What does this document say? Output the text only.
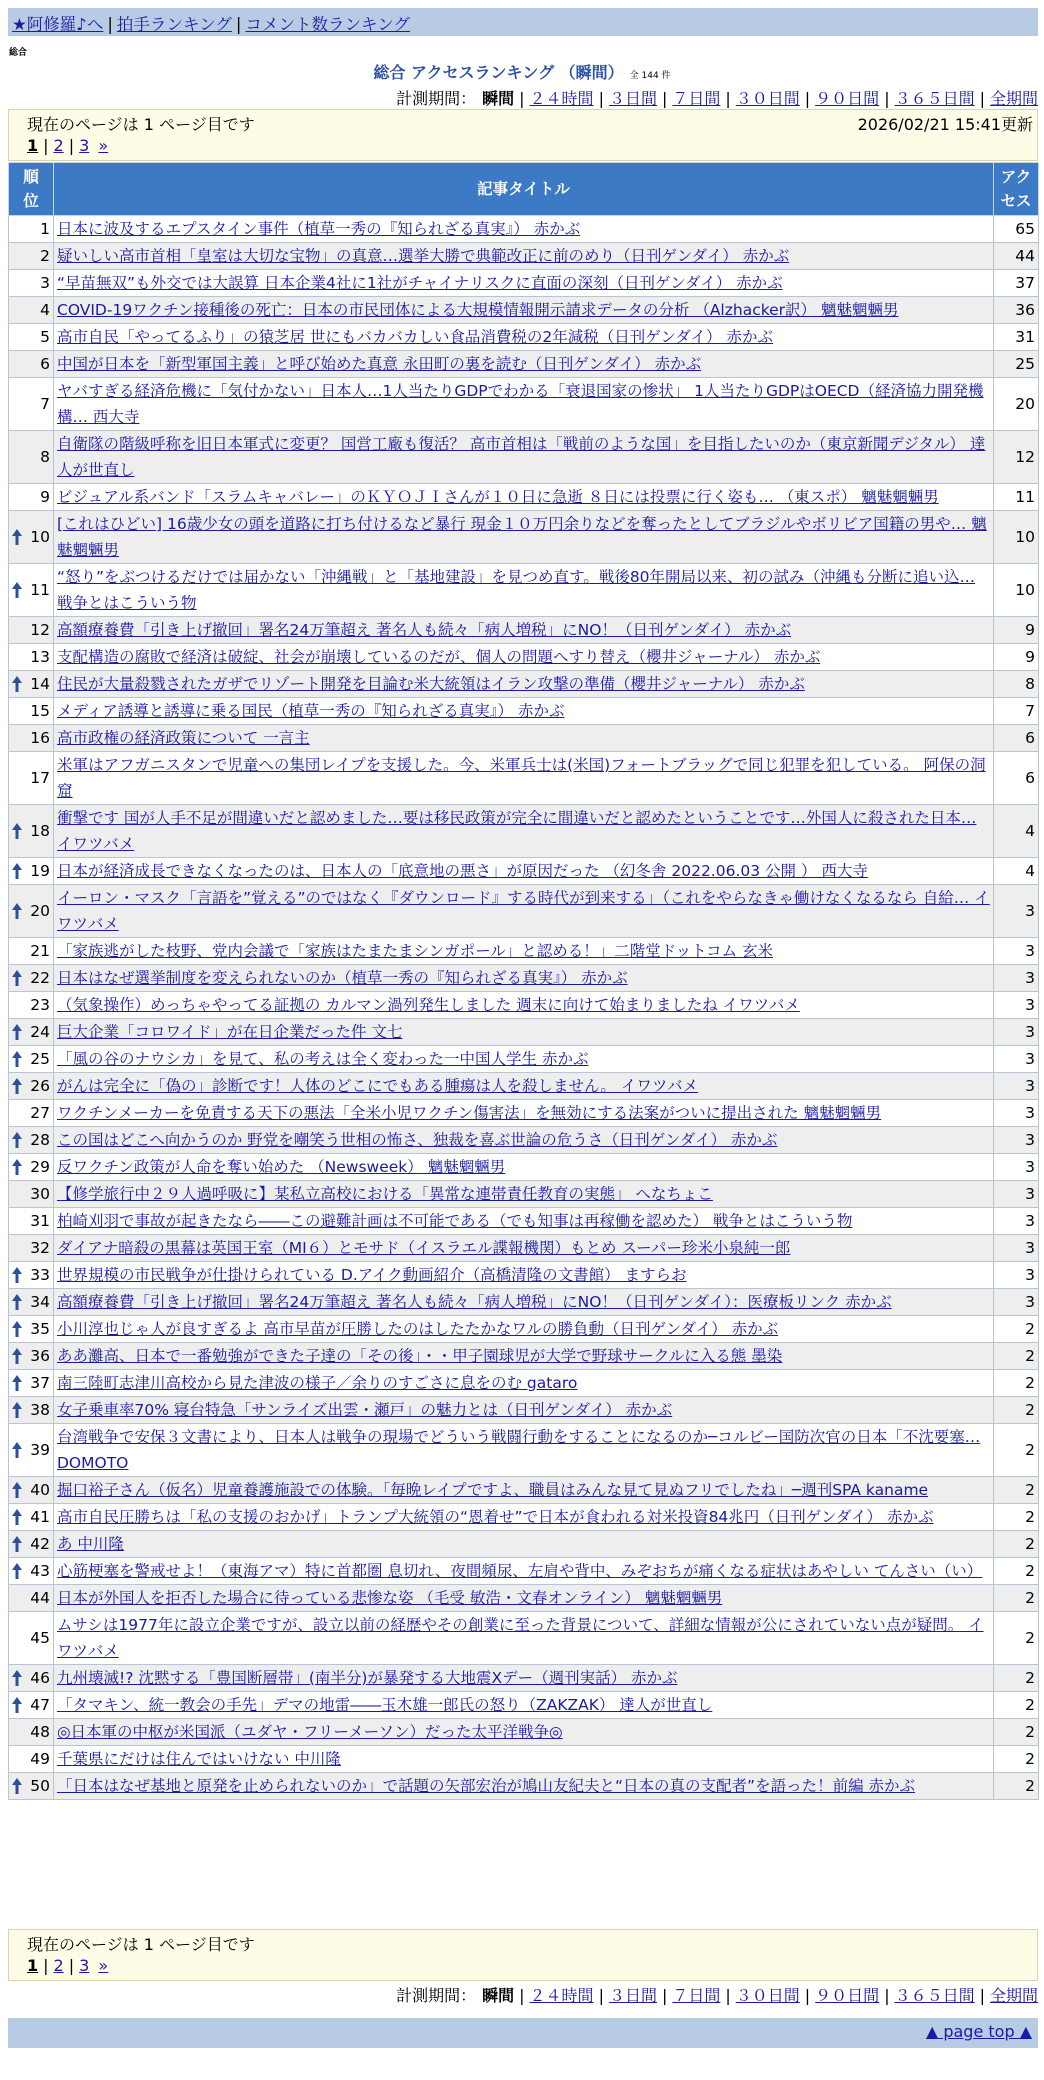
★阿修羅♪へ | 拍手ランキング | コメント数ランキング
総合
総合 アクセスランキング （瞬間） 全 144 件
計測期間： 瞬間 | ２４時間 | ３日間 | ７日間 | ３０日間 | ９０日間 | ３６５日間 | 全期間
現在のページは 1 ページ目です	2026/02/21 15:41更新
1 | 2 | 3 »
順位	記事タイトル	アクセス
1	日本に波及するエプスタイン事件（植草一秀の『知られざる真実』） 赤かぶ	65
2	疑いしい高市首相「皇室は大切な宝物」の真意…選挙大勝で典範改正に前のめり（日刊ゲンダイ） 赤かぶ	44
3	“早苗無双”も外交では大誤算 日本企業4社に1社がチャイナリスクに直面の深刻（日刊ゲンダイ） 赤かぶ	37
4	COVID-19ワクチン接種後の死亡：日本の市民団体による大規模情報開示請求データの分析 （Alzhacker訳） 魑魅魍魎男	36
5	高市自民「やってるふり」の猿芝居 世にもバカバカしい食品消費税の2年減税（日刊ゲンダイ） 赤かぶ	31
6	中国が日本を「新型軍国主義」と呼び始めた真意 永田町の裏を読む（日刊ゲンダイ） 赤かぶ	25
7	ヤバすぎる経済危機に「気付かない」日本人…1人当たりGDPでわかる「衰退国家の惨状」 1人当たりGDPはOECD（経済協力開発機構… 西大寺	20
8	自衛隊の階級呼称を旧日本軍式に変更？ 国営工廠も復活？ 高市首相は「戦前のような国」を目指したいのか（東京新聞デジタル） 達人が世直し	12
9	ビジュアル系バンド「スラムキャバレー」のＫＹＯＪＩさんが１０日に急逝 ８日には投票に行く姿も… （東スポ） 魑魅魍魎男	11

10	[これはひどい] 16歳少女の頭を道路に打ち付けるなど暴行 現金１０万円余りなどを奪ったとしてブラジルやボリビア国籍の男や… 魑魅魍魎男	10

11	“怒り”をぶつけるだけでは届かない「沖縄戦」と「基地建設」を見つめ直す。戦後80年開局以来、初の試み（沖縄も分断に追い込… 戦争とはこういう物	10
12	高額療養費「引き上げ撤回」署名24万筆超え 著名人も続々「病人増税」にNO！（日刊ゲンダイ） 赤かぶ	9
13	支配構造の腐敗で経済は破綻、社会が崩壊しているのだが、個人の問題へすり替え（櫻井ジャーナル） 赤かぶ	9

14	住民が大量殺戮されたガザでリゾート開発を目論む米大統領はイラン攻撃の準備（櫻井ジャーナル） 赤かぶ	8
15	メディア誘導と誘導に乗る国民（植草一秀の『知られざる真実』） 赤かぶ	7
16	高市政権の経済政策について 一言主	6
17	米軍はアフガニスタンで児童への集団レイプを支援した。今、米軍兵士は(米国)フォートブラッグで同じ犯罪を犯している。 阿保の洞窟	6

18	衝撃です 国が人手不足が間違いだと認めました…要は移民政策が完全に間違いだと認めたということです…外国人に殺された日本… イワツバメ	4

19	日本が経済成長できなくなったのは、日本人の「底意地の悪さ」が原因だった （幻冬舎 2022.06.03 公開 ） 西大寺	4

20	イーロン・マスク「言語を”覚える”のではなく『ダウンロード』する時代が到来する」（これをやらなきゃ働けなくなるなら 自給… イワツバメ	3
21	「家族逃がした枝野、党内会議で「家族はたまたまシンガポール」と認める！」二階堂ドットコム 玄米	3

22	日本はなぜ選挙制度を変えられないのか（植草一秀の『知られざる真実』） 赤かぶ	3
23	（気象操作）めっちゃやってる証拠の カルマン渦列発生しました 週末に向けて始まりましたね イワツバメ	3

24	巨大企業「コロワイド」が在日企業だった件 文七	3

25	「風の谷のナウシカ」を見て、私の考えは全く変わった一中国人学生 赤かぶ	3

26	がんは完全に「偽の」診断です！人体のどこにでもある腫瘍は人を殺しません。 イワツバメ	3
27	ワクチンメーカーを免責する天下の悪法「全米小児ワクチン傷害法」を無効にする法案がついに提出された 魑魅魍魎男	3

28	この国はどこへ向かうのか 野党を嘲笑う世相の怖さ、独裁を喜ぶ世論の危うさ（日刊ゲンダイ） 赤かぶ	3

29	反ワクチン政策が人命を奪い始めた （Newsweek） 魑魅魍魎男	3
30	【修学旅行中２９人過呼吸に】某私立高校における「異常な連帯責任教育の実態」 へなちょこ	3
31	柏崎刈羽で事故が起きたなら――この避難計画は不可能である（でも知事は再稼働を認めた） 戦争とはこういう物	3
32	ダイアナ暗殺の黒幕は英国王室（MI６）とモサド（イスラエル諜報機関）もとめ スーパー珍米小泉純一郎	3

33	世界規模の市民戦争が仕掛けられている D.アイク動画紹介（高橋清隆の文書館） ますらお	3

34	高額療養費「引き上げ撤回」署名24万筆超え 著名人も続々「病人増税」にNO！（日刊ゲンダイ）：医療板リンク 赤かぶ	3

35	小川淳也じゃ人が良すぎるよ 高市早苗が圧勝したのはしたたかなワルの勝負動（日刊ゲンダイ） 赤かぶ	2

36	ああ灘高、日本で一番勉強ができた子達の「その後」・・甲子園球児が大学で野球サークルに入る態 墨染	2

37	南三陸町志津川高校から見た津波の様子／余りのすごさに息をのむ gataro	2

38	女子乗車率70% 寝台特急「サンライズ出雲・瀬戸」の魅力とは（日刊ゲンダイ） 赤かぶ	2

39	台湾戦争で安保３文書により、日本人は戦争の現場でどういう戦闘行動をすることになるのか─コルビー国防次官の日本「不沈要塞… DOMOTO	2

40	掘口裕子さん（仮名）児童養護施設での体験。「毎晩レイプですよ、職員はみんな見て見ぬフリでしたね」─週刊SPA kaname	2

41	高市自民圧勝ちは「私の支援のおかげ」トランプ大統領の“恩着せ”で日本が食われる対米投資84兆円（日刊ゲンダイ） 赤かぶ	2

42	あ 中川隆	2

43	心筋梗塞を警戒せよ！（東海アマ）特に首都圏 息切れ、夜間頻尿、左肩や背中、みぞおちが痛くなる症状はあやしい てんさい（い）	2
44	日本が外国人を拒否した場合に待っている悲惨な姿 （毛受 敏浩・文春オンライン） 魑魅魍魎男	2
45	ムサシは1977年に設立企業ですが、設立以前の経歴やその創業に至った背景について、詳細な情報が公にされていない点が疑問。 イワツバメ	2

46	九州壊滅!? 沈黙する「豊国断層帯」(南半分)が暴発する大地震Xデー（週刊実話） 赤かぶ	2

47	「タマキン、統一教会の手先」デマの地雷――玉木雄一郎氏の怒り（ZAKZAK） 達人が世直し	2
48	◎日本軍の中枢が米国派（ユダヤ・フリーメーソン）だった太平洋戦争◎	2
49	千葉県にだけは住んではいけない 中川隆	2

50	「日本はなぜ基地と原発を止められないのか」で話題の矢部宏治が鳩山友紀夫と“日本の真の支配者”を語った！前編 赤かぶ	2
現在のページは 1 ページ目です
1 | 2 | 3 »
計測期間： 瞬間 | ２４時間 | ３日間 | ７日間 | ３０日間 | ９０日間 | ３６５日間 | 全期間
▲ page top ▲
